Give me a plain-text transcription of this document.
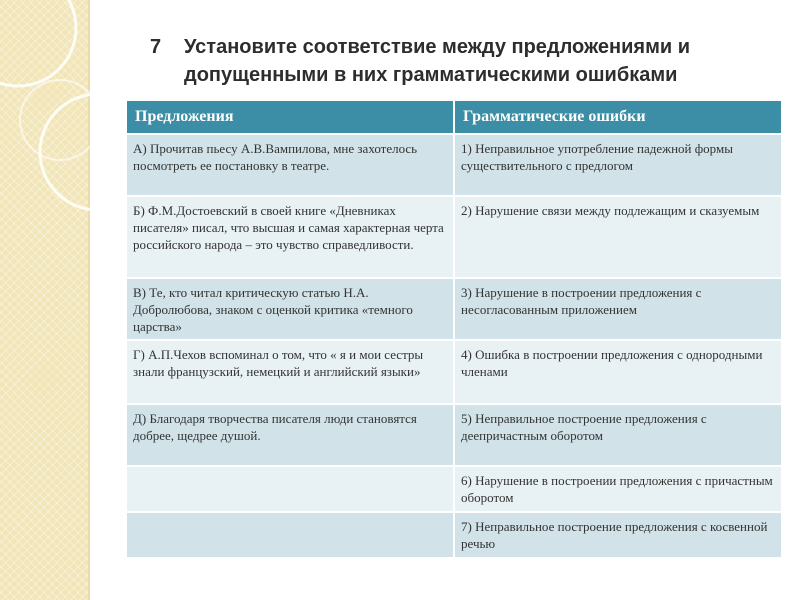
7 Установите соответствие между предложениями и
допущенными в них грамматическими ошибками
Предложения	Грамматические ошибки
А) Прочитав пьесу А.В.Вампилова, мне захотелось посмотреть ее постановку в театре.	1) Неправильное употребление падежной формы существительного с предлогом
Б) Ф.М.Достоевский в своей книге «Дневниках писателя» писал, что высшая и самая характерная черта российского народа – это чувство справедливости.	2) Нарушение связи между подлежащим и сказуемым
В) Те, кто читал критическую статью Н.А. Добролюбова, знаком с оценкой критика «темного царства»	3) Нарушение в построении предложения с несогласованным приложением
Г) А.П.Чехов вспоминал о том, что « я и мои сестры знали французский, немецкий и английский языки»	4) Ошибка в построении предложения с однородными членами
Д) Благодаря творчества писателя люди становятся добрее, щедрее душой.	5) Неправильное построение предложения с деепричастным оборотом
	6) Нарушение в построении предложения с причастным оборотом
	7) Неправильное построение предложения с косвенной речью
